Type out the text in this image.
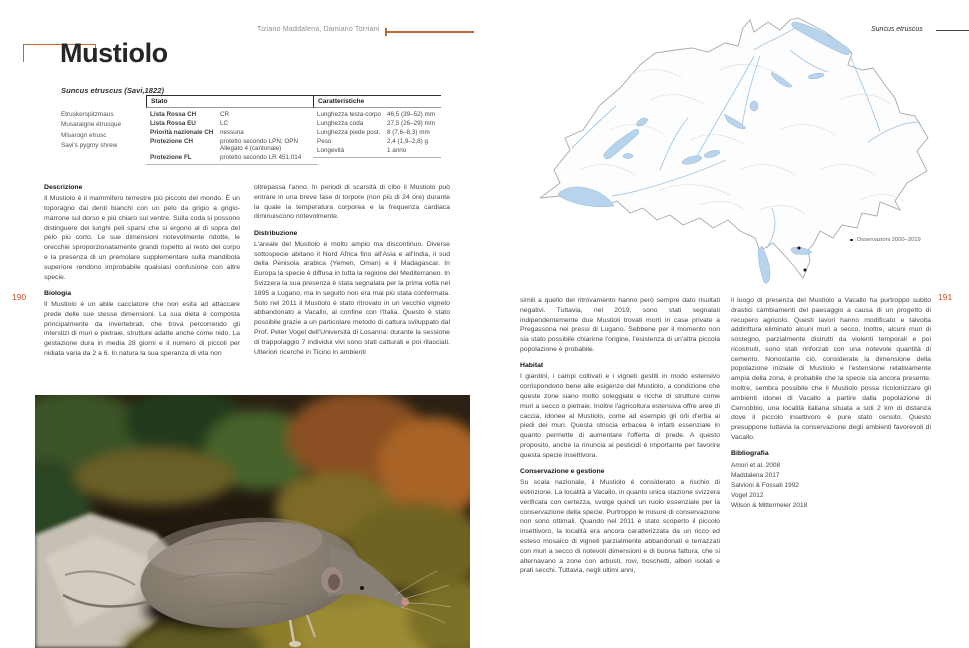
Tiziano Maddalena, Damiano Torriani
Mustiolo
Suncus etruscus (Savi,1822)
Etruskerspitzmaus
Musaraigne étrusque
Misarogn etrusc
Savi's pygmy shrew
Stato
Lista Rossa CH	CR
Lista Rossa EU	LC
Priorità nazionale CH	nessuna
Protezione CH	protetto secondo LPN; OPN
Allegato 4 (cantonale)
Protezione FL	protetto secondo LR 451.014
Caratteristiche
Lunghezza testa-corpo 46,5 (39–52) mm
Lunghezza coda	27,5 (26–29) mm
Lunghezza piede post.	8 (7,6–8,3) mm
Peso	2,4 (1,9–2,8) g
Longevità	1 anno
Descrizione

Il Mustiolo è il mammifero terrestre più piccolo del mondo. È un toporagno dai denti bianchi con un pelo da grigio a grigio-marrone sul dorso e più chiaro sul ventre. Sulla coda si possono distinguere dei lunghi peli sparsi che si ergono al di sopra del pelo più corto. Le sue dimensioni notevolmente ridotte, le orecchie sproporzionatamente grandi rispetto al resto del corpo e la presenza di un premolare supplementare sulla mandibola superiore rendono improbabile qualsiasi confusione con altre specie.

Biologia

Il Mustiolo è un abile cacciatore che non esita ad attaccare prede delle sue stesse dimensioni. La sua dieta è composta principalmente da invertebrati, che trova percorrendo gli interstizi di muri e pietraie, strutture adatte anche come nido. La gestazione dura in media 28 giorni e il numero di piccoli per nidiata varia da 2 a 6. In natura la sua speranza di vita non

oltrepassa l'anno. In periodi di scarsità di cibo il Mustiolo può entrare in una breve fase di torpore (non più di 24 ore) durante la quale la temperatura corporea e la frequenza cardiaca diminuiscono notevolmente.

Distribuzione

L'areale del Mustiolo è molto ampio ma discontinuo. Diverse sottospecie abitano il Nord Africa fino all'Asia e all'India, il sud della Penisola arabica (Yemen, Oman) e il Madagascar. In Europa la specie è diffusa in tutta la regione del Mediterraneo. In Svizzera la sua presenza è stata segnalata per la prima volta nel 1895 a Lugano, ma in seguito non era mai più stata confermata. Solo nel 2011 il Mustiolo è stato ritrovato in un vecchio vigneto abbandonato a Vacallo, al confine con l'Italia. Questo è stato possibile grazie a un particolare metodo di cattura sviluppato dal Prof. Peter Vogel dell'Università di Losanna: durante la sessione di trappolaggio 7 individui vivi sono stati catturati e poi rilasciati. Ulteriori ricerche in Ticino in ambienti

190
Suncus etruscus
Osservazioni 2000–2019

simili a quello del ritrovamento hanno però sempre dato risultati negativi. Tuttavia, nel 2019, sono stati segnalati indipendentemente due Mustioli trovati morti in case private a Pregassona nei pressi di Lugano. Sebbene per il momento non sia stato possibile chiarirne l'origine, l'esistenza di un'altra piccola popolazione è probabile.

Habitat

I giardini, i campi coltivati e i vigneti gestiti in modo estensivo corrispondono bene alle esigenze del Mustiolo, a condizione che queste zone siano molto soleggiate e ricche di strutture come muri a secco o pietraie. Inoltre l'agricoltura estensiva offre aree di caccia, idonee al Mustiolo, come ad esempio gli orli d'erba ai piedi dei muri. Questa striscia erbacea è infatti essenziale in quanto permette di aumentare l'offerta di prede. A questo proposito, anche la rinuncia ai pesticidi è importante per favorire questa specie insettivora.

Conservazione e gestione

Su scala nazionale, il Mustiolo è considerato a rischio di estinzione. La località a Vacallo, in quanto unica stazione svizzera verificata con certezza, svolge quindi un ruolo essenziale per la conservazione della specie. Purtroppo le misure di conservazione non sono ottimali. Quando nel 2011 è stato scoperto il piccolo insettivoro, la località era ancora caratterizzata da un ricco ed esteso mosaico di vigneti parzialmente abbandonati e terrazzati con muri a secco di notevoli dimensioni e di buona fattura, che si alternavano a zone con arbusti, rovi, boschetti, alberi isolati e prati secchi. Tuttavia, negli ultimi anni,

il luogo di presenza del Mustiolo a Vacallo ha purtroppo subito drastici cambiamenti del paesaggio a causa di un progetto di recupero agricolo. Questi lavori hanno modificato e talvolta addirittura eliminato alcuni muri a secco. Inoltre, alcuni muri di sostegno, parzialmente distrutti da violenti temporali e poi ricostruiti, sono stati rinforzati con una notevole quantità di cemento. Nonostante ciò, considerate la dimensione della popolazione iniziale di Mustiolo e l'estensione relativamente ampia della zona, è probabile che la specie sia ancora presente. Inoltre, sembra possibile che il Mustiolo possa ricolonizzare gli ambienti idonei di Vacallo a partire dalla popolazione di Cernobbio, una località italiana situata a soli 2 km di distanza dove il piccolo insettivoro è pure stato censito. Questo presuppone tuttavia la conservazione degli ambienti favorevoli di Vacallo.

Bibliografia
Amori et al. 2008
Maddalena 2017
Salvioni & Fossati 1992
Vogel 2012
Wilson & Mittermeier 2018
191
